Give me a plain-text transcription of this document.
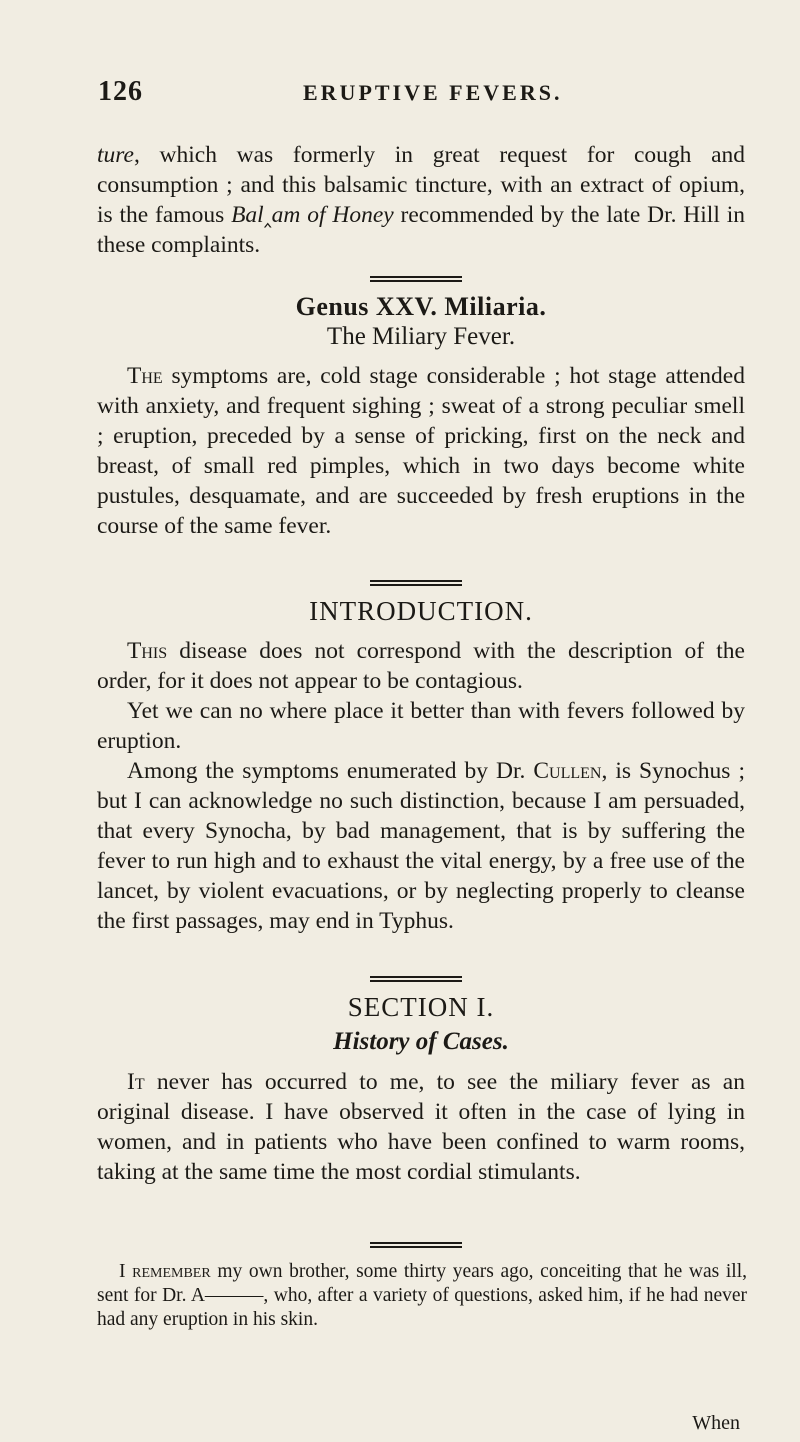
126	ERUPTIVE FEVERS.

ture, which was formerly in great request for cough and consumption ; and this balsamic tincture, with an extract of opium, is the famous Bal‸am of Honey recommended by the late Dr. Hill in these complaints.

Genus XXV. Miliaria.
The Miliary Fever.

The symptoms are, cold stage considerable ; hot stage attended with anxiety, and frequent sighing ; sweat of a strong peculiar smell ; eruption, preceded by a sense of pricking, first on the neck and breast, of small red pimples, which in two days become white pustules, desquamate, and are succeeded by fresh eruptions in the course of the same fever.

INTRODUCTION.

This disease does not correspond with the description of the order, for it does not appear to be contagious.

Yet we can no where place it better than with fevers followed by eruption.

Among the symptoms enumerated by Dr. Cullen, is Synochus ; but I can acknowledge no such distinction, because I am persuaded, that every Synocha, by bad management, that is by suffering the fever to run high and to exhaust the vital energy, by a free use of the lancet, by violent evacuations, or by neglecting properly to cleanse the first passages, may end in Typhus.

SECTION I.
History of Cases.

It never has occurred to me, to see the miliary fever as an original disease. I have observed it often in the case of lying in women, and in patients who have been confined to warm rooms, taking at the same time the most cordial stimulants.

I remember my own brother, some thirty years ago, conceiting that he was ill, sent for Dr. A———, who, after a variety of questions, asked him, if he had never had any eruption in his skin.

When
